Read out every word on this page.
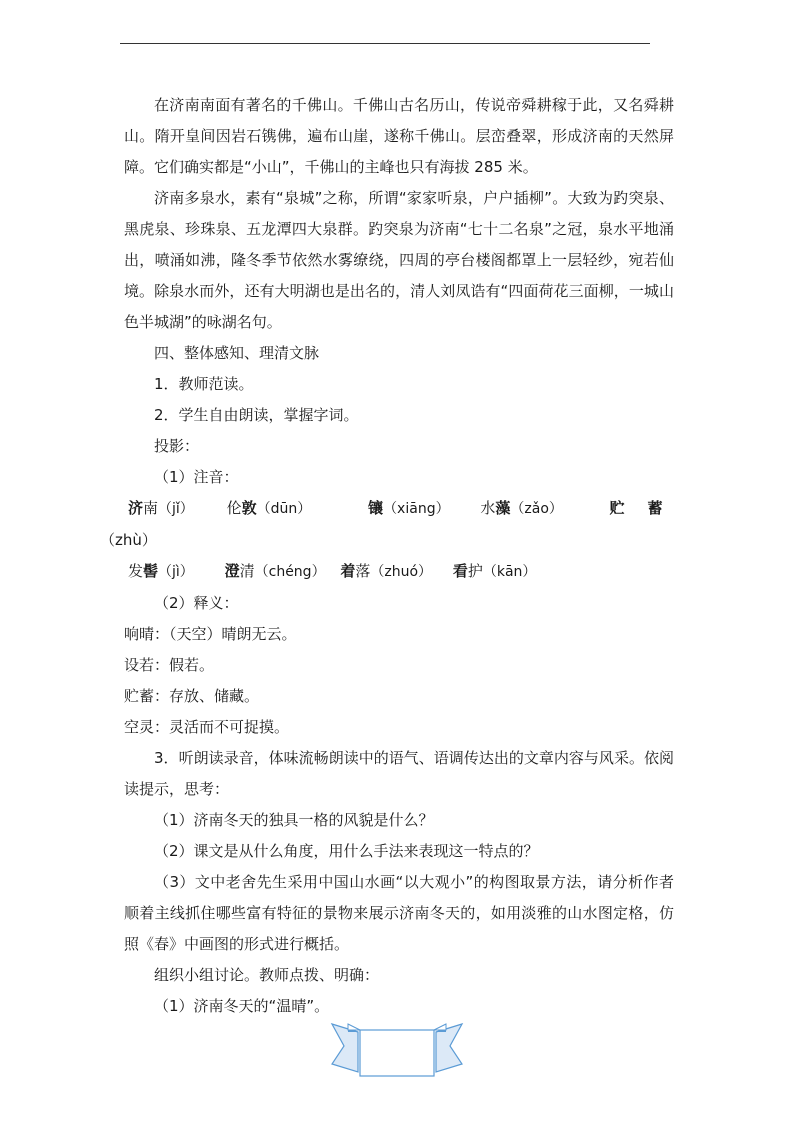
在济南南面有著名的千佛山。千佛山古名历山，传说帝舜耕稼于此，又名舜耕山。隋开皇间因岩石镌佛，遍布山崖，遂称千佛山。层峦叠翠，形成济南的天然屏障。它们确实都是“小山”，千佛山的主峰也只有海拔 285 米。

济南多泉水，素有“泉城”之称，所谓“家家听泉，户户插柳”。大致为趵突泉、黑虎泉、珍珠泉、五龙潭四大泉群。趵突泉为济南“七十二名泉”之冠，泉水平地涌出，喷涌如沸，隆冬季节依然水雾缭绕，四周的亭台楼阁都罩上一层轻纱，宛若仙境。除泉水而外，还有大明湖也是出名的，清人刘凤诰有“四面荷花三面柳，一城山色半城湖”的咏湖名句。

四、整体感知、理清文脉

1．教师范读。

2．学生自由朗读，掌握字词。

投影：

（1）注音：

济南（jǐ） 伦敦（dūn）	镶（xiāng） 水藻（zǎo）	贮 蓄
（zhù）
发髻（jì） 澄清（chéng） 着落（zhuó） 看护（kān）

（2）释义：

响晴：（天空）晴朗无云。

设若：假若。

贮蓄：存放、储藏。

空灵：灵活而不可捉摸。

3．听朗读录音，体味流畅朗读中的语气、语调传达出的文章内容与风采。依阅读提示，思考：

（1）济南冬天的独具一格的风貌是什么？

（2）课文是从什么角度，用什么手法来表现这一特点的？

（3）文中老舍先生采用中国山水画“以大观小”的构图取景方法，请分析作者顺着主线抓住哪些富有特征的景物来展示济南冬天的，如用淡雅的山水图定格，仿照《春》中画图的形式进行概括。

组织小组讨论。教师点拨、明确：

（1）济南冬天的“温晴”。
